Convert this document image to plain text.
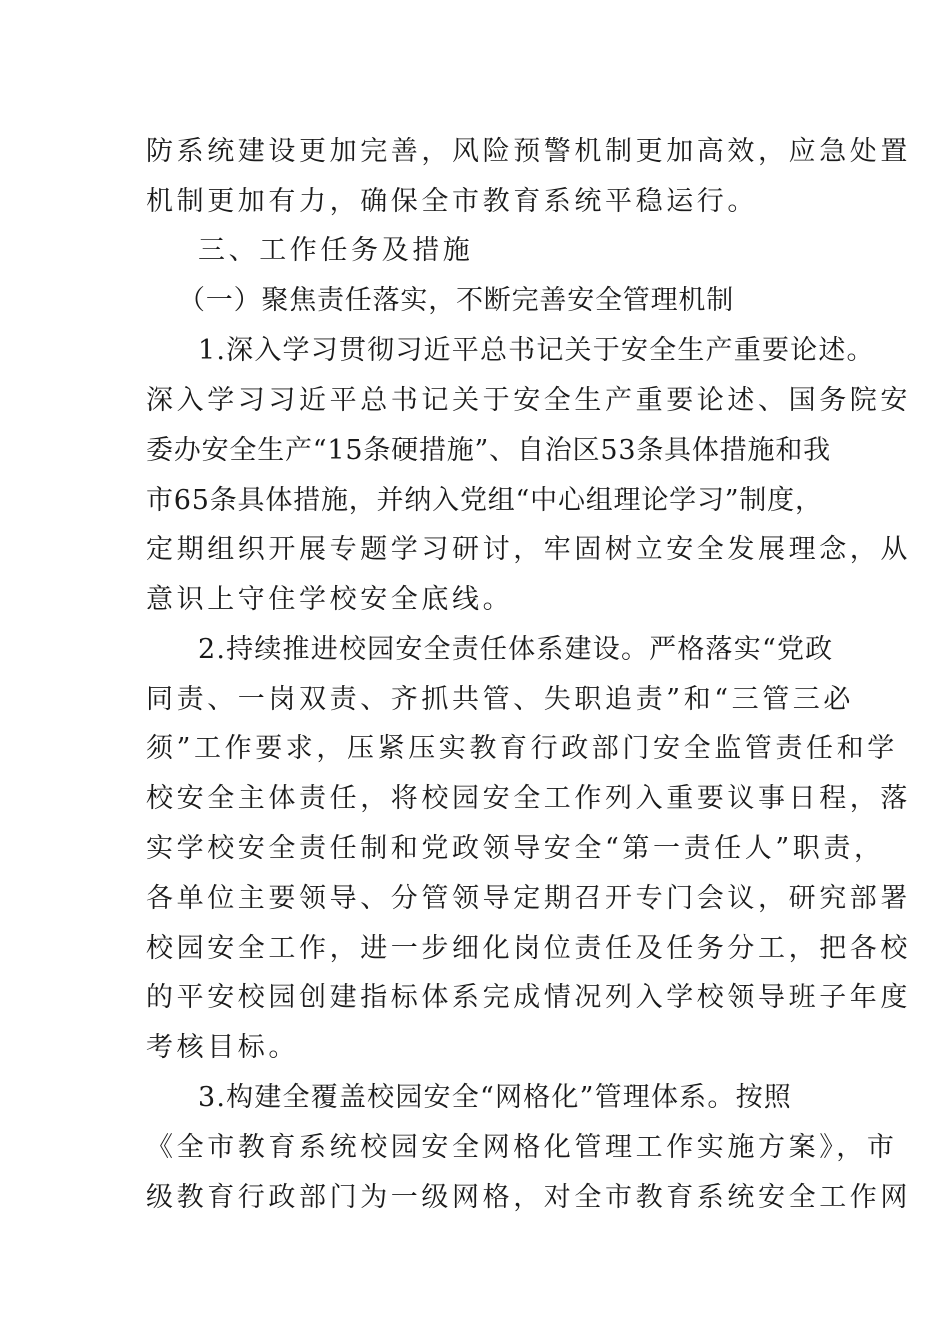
防系统建设更加完善，风险预警机制更加高效，应急处置
机制更加有力，确保全市教育系统平稳运行。
三、工作任务及措施
（一）聚焦责任落实，不断完善安全管理机制
1.深入学习贯彻习近平总书记关于安全生产重要论述。
深入学习习近平总书记关于安全生产重要论述、国务院安
委办安全生产“15条硬措施”、自治区53条具体措施和我
市65条具体措施，并纳入党组“中心组理论学习”制度，
定期组织开展专题学习研讨，牢固树立安全发展理念，从
意识上守住学校安全底线。
2.持续推进校园安全责任体系建设。严格落实“党政
同责、一岗双责、齐抓共管、失职追责”和“三管三必
须”工作要求，压紧压实教育行政部门安全监管责任和学
校安全主体责任，将校园安全工作列入重要议事日程，落
实学校安全责任制和党政领导安全“第一责任人”职责，
各单位主要领导、分管领导定期召开专门会议，研究部署
校园安全工作，进一步细化岗位责任及任务分工，把各校
的平安校园创建指标体系完成情况列入学校领导班子年度
考核目标。
3.构建全覆盖校园安全“网格化”管理体系。按照
《全市教育系统校园安全网格化管理工作实施方案》，市
级教育行政部门为一级网格，对全市教育系统安全工作网
